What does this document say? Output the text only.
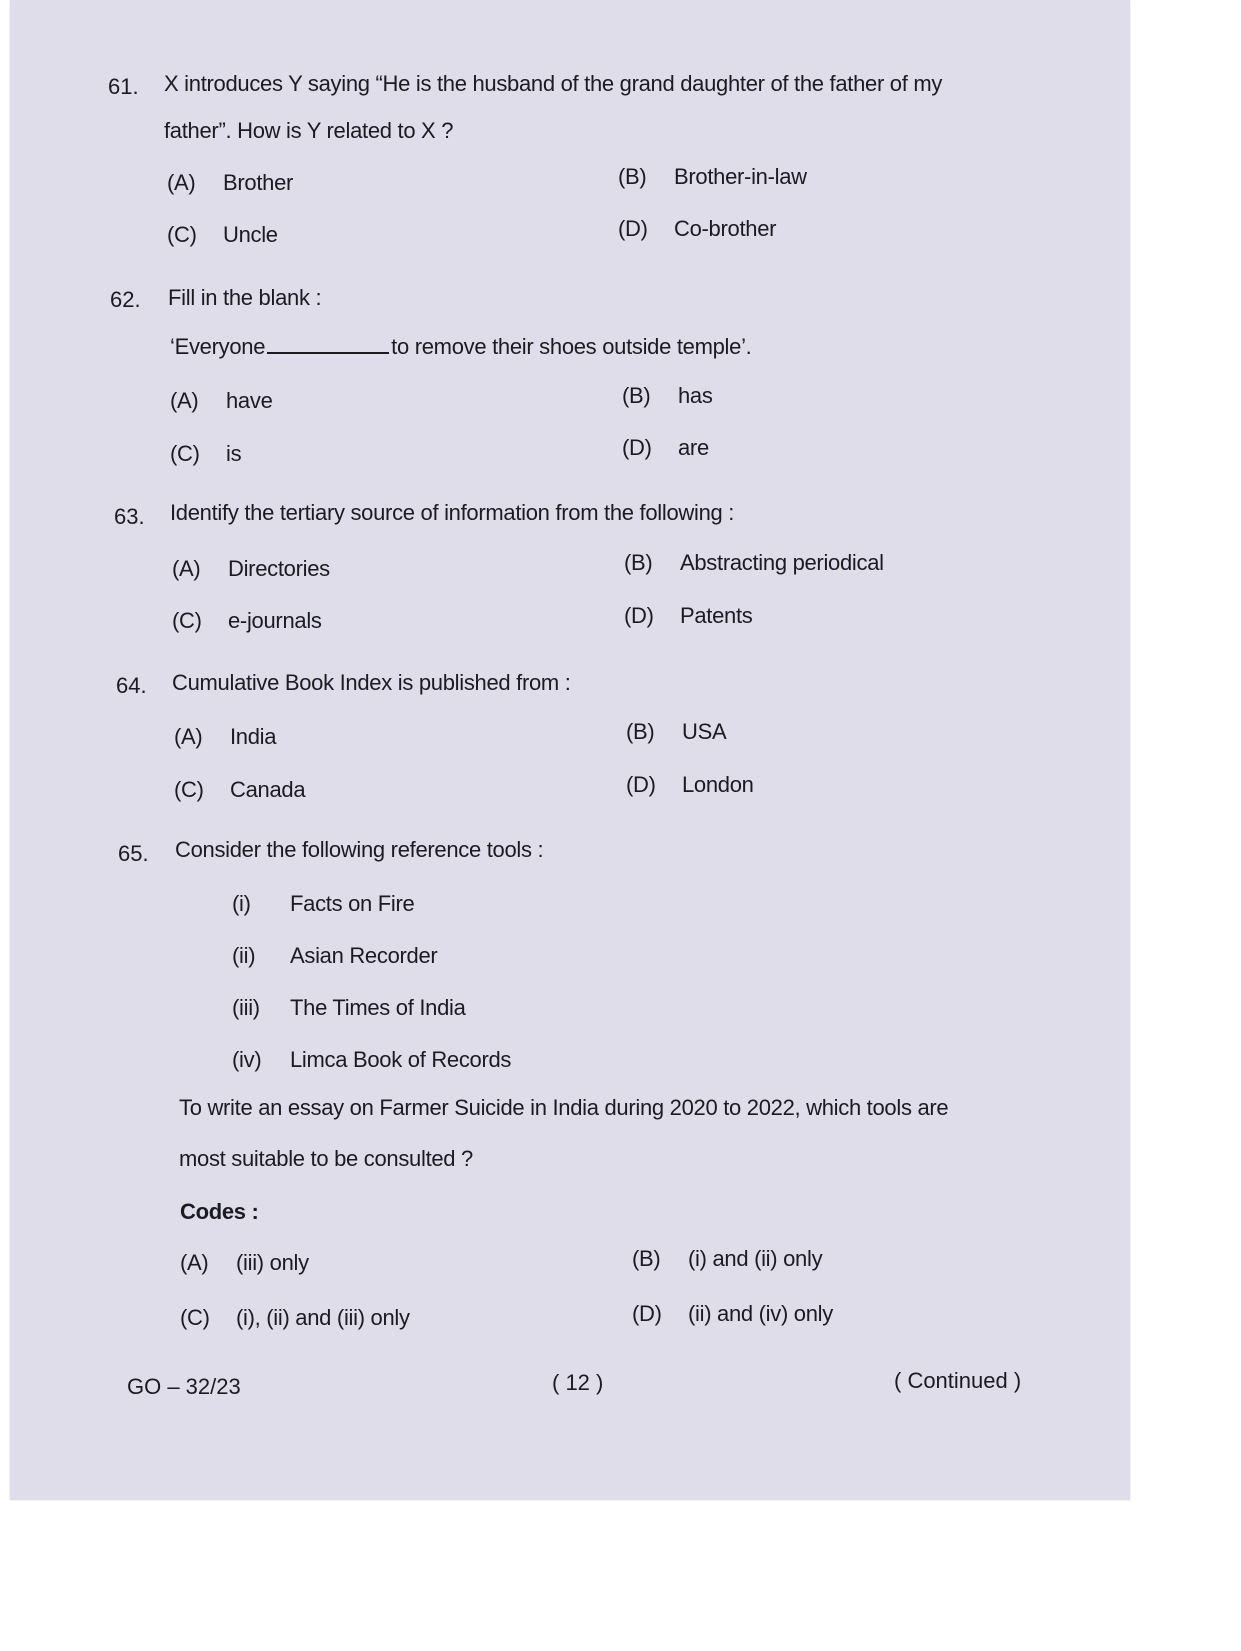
61. X introduces Y saying “He is the husband of the grand daughter of the father of my
father”. How is Y related to X ?
(A) Brother	(B) Brother-in-law
(C) Uncle	(D) Co-brother
62. Fill in the blank :
‘Everyone	to remove their shoes outside temple’.
(A) have	(B) has
(C) is	(D) are
63. Identify the tertiary source of information from the following :
(A) Directories	(B) Abstracting periodical
(C) e-journals	(D) Patents
64. Cumulative Book Index is published from :
(A) India	(B) USA
(C) Canada	(D) London
65. Consider the following reference tools :
(i) Facts on Fire
(ii) Asian Recorder
(iii) The Times of India
(iv) Limca Book of Records
To write an essay on Farmer Suicide in India during 2020 to 2022, which tools are
most suitable to be consulted ?
Codes :
(A) (iii) only	(B) (i) and (ii) only
(C) (i), (ii) and (iii) only	(D) (ii) and (iv) only
GO – 32/23	( 12 )	( Continued )
